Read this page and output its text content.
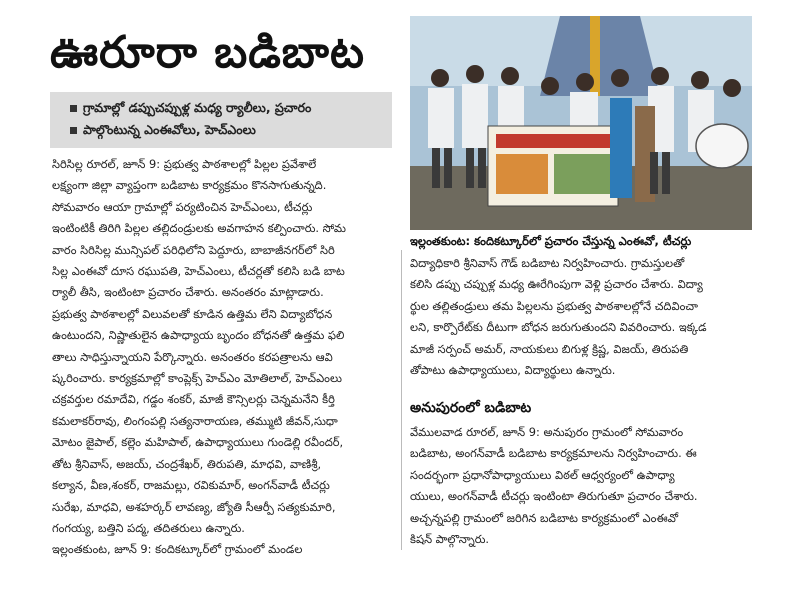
ఊరూరా బడిబాట
గ్రామాల్లో డప్పుచప్పుళ్ల మధ్య ర్యాలీలు, ప్రచారం
పాల్గొంటున్న ఎంఈవోలు, హెచ్‌ఎంలు

సిరిసిల్ల రూరల్, జూన్ 9: ప్రభుత్వ పాఠశాలల్లో పిల్లల ప్రవేశాలే

లక్ష్యంగా జిల్లా వ్యాప్తంగా బడిబాట కార్యక్రమం కొనసాగుతున్నది.

సోమవారం ఆయా గ్రామాల్లో పర్యటించిన హెచ్‌ఎంలు, టీచర్లు

ఇంటింటికీ తిరిగి పిల్లల తల్లిదండ్రులకు అవగాహన కల్పించారు. సోమ

వారం సిరిసిల్ల మున్సిపల్ పరిధిలోని పెద్దూరు, బాబాజీనగర్‌లో సిరి

సిల్ల ఎంఈవో దూస రఘుపతి, హెచ్‌ఎంలు, టీచర్లతో కలిసి బడి బాట

ర్యాలీ తీసి, ఇంటింటా ప్రచారం చేశారు. అనంతరం మాట్లాడారు.

ప్రభుత్వ పాఠశాలల్లో విలువలతో కూడిన ఉత్తిమ లేని విద్యాబోధన

ఉంటుందని, నిష్ణాతులైన ఉపాధ్యాయ బృందం బోధనతో ఉత్తమ ఫలి

తాలు సాధిస్తున్నాయని పేర్కొన్నారు. అనంతరం కరపత్రాలను ఆవి

ష్కరించారు. కార్యక్రమాల్లో కాంప్లెక్స్ హెచ్‌ఎం మోతిలాల్, హెచ్‌ఎంలు

చక్రవర్తుల రమాదేవి, గడ్డం శంకర్, మాజీ కౌన్సిలర్లు చెన్నమనేని కీర్తి

కమలాకర్‌రావు, లింగంపల్లి సత్యనారాయణ, తమ్ముటి జీవన్,సుధా

మోటం జైపాల్, కల్లెం మహిపాల్, ఉపాధ్యాయులు గుండెల్లి రవీందర్,

తోట శ్రీనివాస్, అజయ్, చంద్రశేఖర్, తిరుపతి, మాధవి, వాణిశ్రీ,

కల్యాన, వీణ,శంకర్, రాజమల్లు, రవికుమార్, అంగన్‌వాడీ టీచర్లు

సురేఖ, మాధవి, అశహర్కర్ లావణ్య, జ్యోతి సీఆర్పీ సత్యకుమారి,

గంగయ్య, బత్తిని పద్మ, తదితరులు ఉన్నారు.

ఇల్లంతకుంట, జూన్ 9: కందికట్కూర్‌లో గ్రామంలో మండల

ఇల్లంతకుంట: కందికట్కూర్‌లో ప్రచారం చేస్తున్న ఎంఈవో, టీచర్లు

విద్యాధికారి శ్రీనివాస్ గౌడ్ బడిబాట నిర్వహించారు. గ్రామస్తులతో

కలిసి డప్పు చప్పుళ్ల మధ్య ఊరేగింపుగా వెళ్లి ప్రచారం చేశారు. విద్యా

ర్థుల తల్లితండ్రులు తమ పిల్లలను ప్రభుత్వ పాఠశాలల్లోనే చదివించా

లని, కార్పొరేట్‌కు దీటుగా బోధన జరుగుతుందని వివరించారు. ఇక్కడ

మాజీ సర్పంచ్ అమర్, నాయకులు బిగుళ్ల క్రిష్ణ, విజయ్, తిరుపతి

తోపాటు ఉపాధ్యాయులు, విద్యార్థులు ఉన్నారు.

అనుపురంలో బడిబాట

వేములవాడ రూరల్, జూన్ 9: అనుపురం గ్రామంలో సోమవారం

బడిబాట, అంగన్‌వాడీ బడిబాట కార్యక్రమాలను నిర్వహించారు. ఈ

సందర్భంగా ప్రధానోపాధ్యాయులు విఠల్ ఆధ్వర్యంలో ఉపాధ్యా

యులు, అంగన్‌వాడీ టీచర్లు ఇంటింటా తిరుగుతూ ప్రచారం చేశారు.

అచ్చన్నపల్లి గ్రామంలో జరిగిన బడిబాట కార్యక్రమంలో ఎంఈవో

కిషన్ పాల్గొన్నారు.
